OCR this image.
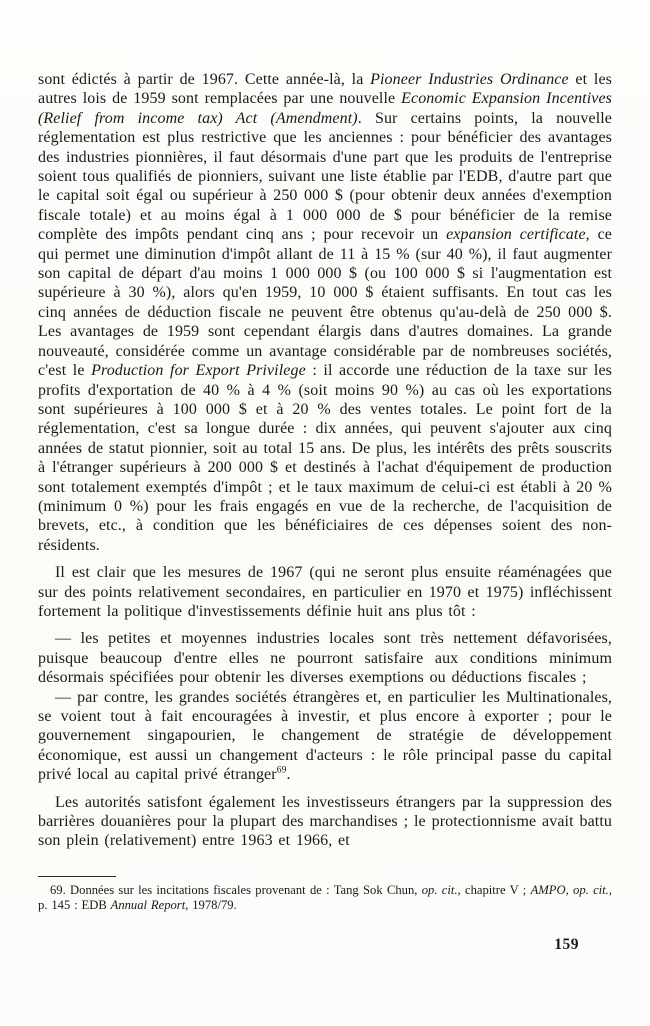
sont édictés à partir de 1967. Cette année-là, la Pioneer Industries Ordinance et les autres lois de 1959 sont remplacées par une nouvelle Economic Expansion Incentives (Relief from income tax) Act (Amendment). Sur certains points, la nouvelle réglementation est plus restrictive que les anciennes : pour bénéficier des avantages des industries pionnières, il faut désormais d'une part que les produits de l'entreprise soient tous qualifiés de pionniers, suivant une liste établie par l'EDB, d'autre part que le capital soit égal ou supérieur à 250 000 $ (pour obtenir deux années d'exemption fiscale totale) et au moins égal à 1 000 000 de $ pour bénéficier de la remise complète des impôts pendant cinq ans ; pour recevoir un expansion certificate, ce qui permet une diminution d'impôt allant de 11 à 15 % (sur 40 %), il faut augmenter son capital de départ d'au moins 1 000 000 $ (ou 100 000 $ si l'augmentation est supérieure à 30 %), alors qu'en 1959, 10 000 $ étaient suffisants. En tout cas les cinq années de déduction fiscale ne peuvent être obtenus qu'au-delà de 250 000 $. Les avantages de 1959 sont cependant élargis dans d'autres domaines. La grande nouveauté, considérée comme un avantage considérable par de nombreuses sociétés, c'est le Production for Export Privilege : il accorde une réduction de la taxe sur les profits d'exportation de 40 % à 4 % (soit moins 90 %) au cas où les exportations sont supérieures à 100 000 $ et à 20 % des ventes totales. Le point fort de la réglementation, c'est sa longue durée : dix années, qui peuvent s'ajouter aux cinq années de statut pionnier, soit au total 15 ans. De plus, les intérêts des prêts souscrits à l'étranger supérieurs à 200 000 $ et destinés à l'achat d'équipement de production sont totalement exemptés d'impôt ; et le taux maximum de celui-ci est établi à 20 % (minimum 0 %) pour les frais engagés en vue de la recherche, de l'acquisition de brevets, etc., à condition que les bénéficiaires de ces dépenses soient des non-résidents.

Il est clair que les mesures de 1967 (qui ne seront plus ensuite réaménagées que sur des points relativement secondaires, en particulier en 1970 et 1975) infléchissent fortement la politique d'investissements définie huit ans plus tôt :

— les petites et moyennes industries locales sont très nettement défavorisées, puisque beaucoup d'entre elles ne pourront satisfaire aux conditions minimum désormais spécifiées pour obtenir les diverses exemptions ou déductions fiscales ;

— par contre, les grandes sociétés étrangères et, en particulier les Multinationales, se voient tout à fait encouragées à investir, et plus encore à exporter ; pour le gouvernement singapourien, le changement de stratégie de développement économique, est aussi un changement d'acteurs : le rôle principal passe du capital privé local au capital privé étranger$^{69}$.

Les autorités satisfont également les investisseurs étrangers par la suppression des barrières douanières pour la plupart des marchandises ; le protectionnisme avait battu son plein (relativement) entre 1963 et 1966, et

69. Données sur les incitations fiscales provenant de : Tang Sok Chun, op. cit., chapitre V ; AMPO, op. cit., p. 145 : EDB Annual Report, 1978/79.

159
